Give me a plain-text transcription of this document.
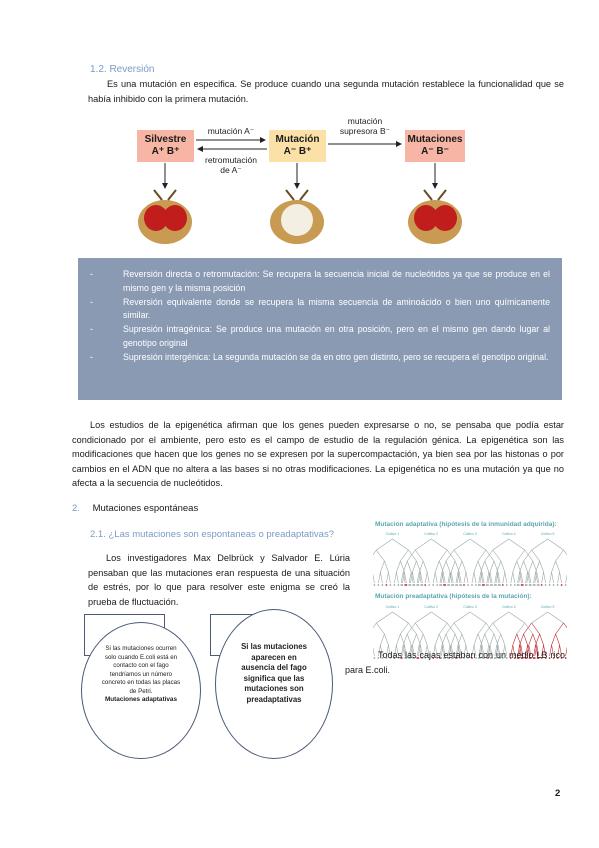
1.2. Reversión

Es una mutación en especifica. Se produce cuando una segunda mutación restablece la funcionalidad que se había inhibido con la primera mutación.

Silvestre
A⁺ B⁺
Mutación
A⁻ B⁺
Mutaciones
A⁻ B⁻
mutación A⁻
retromutación
de A⁻
mutación
supresora B⁻
-	Reversión directa o retromutación: Se recupera la secuencia inicial de nucleótidos ya que se produce en el mismo gen y la misma posición
-	Reversión equivalente donde se recupera la misma secuencia de aminoácido o bien uno químicamente similar.
-	Supresión intragénica: Se produce una mutación en otra posición, pero en el mismo gen dando lugar al genotipo original
-	Supresión intergénica: La segunda mutación se da en otro gen distinto, pero se recupera el genotipo original.

Los estudios de la epigenética afirman que los genes pueden expresarse o no, se pensaba que podía estar condicionado por el ambiente, pero esto es el campo de estudio de la regulación génica. La epigenética son las modificaciones que hacen que los genes no se expresen por la supercompactación, ya bien sea por las histonas o por cambios en el ADN que no altera a las bases si no otras modificaciones. La epigenética no es una mutación ya que no afecta a la secuencia de nucleótidos.

2. Mutaciones espontáneas
2.1. ¿Las mutaciones son espontaneas o preadaptativas?

Los investigadores Max Delbrück y Salvador E. Lúria pensaban que las mutaciones eran respuesta de una situación de estrés, por lo que para resolver este enigma se creó la prueba de fluctuación.

Mutación adaptativa (hipótesis de la inmunidad adquirida):
Cultivo 1	Cultivo 2	Cultivo 3	Cultivo 4	Cultivo 5
Mutación preadaptativa (hipótesis de la mutación):
Cultivo 1	Cultivo 2	Cultivo 3	Cultivo 4	Cultivo 5
Si las mutaciones ocurren solo cuando E.coli está en contacto con el fago tendríamos un número concreto en todas las placas de Petri.
Mutaciones adaptativas
Si las mutaciones aparecen en ausencia del fago significa que las mutaciones son preadaptativas
Todas las cajas estaban con un medio LB rico para E.coli.
2
